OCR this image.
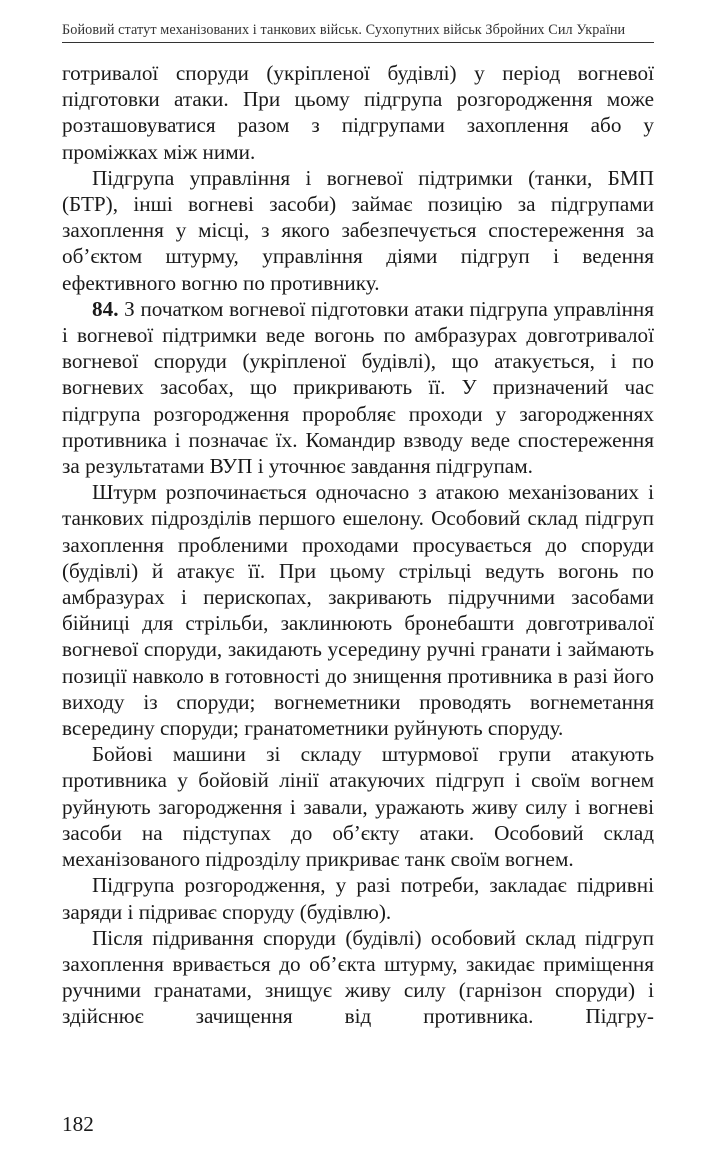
Бойовий статут механізованих і танкових військ. Сухопутних військ Збройних Сил України

готривалої споруди (укріпленої будівлі) у період вогневої підготовки атаки. При цьому підгрупа розгородження може розташовуватися разом з підгрупами захоплення або у проміжках між ними.

Підгрупа управління і вогневої підтримки (танки, БМП (БТР), інші вогневі засоби) займає позицію за підгрупами захоплення у місці, з якого забезпечується спостереження за об’єктом штурму, управління діями підгруп і ведення ефективного вогню по противнику.

84. З початком вогневої підготовки атаки підгрупа управління і вогневої підтримки веде вогонь по амбразурах довготривалої вогневої споруди (укріпленої будівлі), що атакується, і по вогневих засобах, що прикривають її. У призначений час підгрупа розгородження проробляє проходи у загородженнях противника і позначає їх. Командир взводу веде спостереження за результатами ВУП і уточнює завдання підгрупам.

Штурм розпочинається одночасно з атакою механізованих і танкових підрозділів першого ешелону. Особовий склад підгруп захоплення пробленими проходами просувається до споруди (будівлі) й атакує її. При цьому стрільці ведуть вогонь по амбразурах і перископах, закривають підручними засобами бійниці для стрільби, заклинюють бронебашти довготривалої вогневої споруди, закидають усередину ручні гранати і займають позиції навколо в готовності до знищення противника в разі його виходу із споруди; вогнеметники проводять вогнеметання всередину споруди; гранатометники руйнують споруду.

Бойові машини зі складу штурмової групи атакують противника у бойовій лінії атакуючих підгруп і своїм вогнем руйнують загородження і завали, уражають живу силу і вогневі засоби на підступах до об’єкту атаки. Особовий склад механізованого підрозділу прикриває танк своїм вогнем.

Підгрупа розгородження, у разі потреби, закладає підривні заряди і підриває споруду (будівлю).

Після підривання споруди (будівлі) особовий склад підгруп захоплення вривається до об’єкта штурму, закидає приміщення ручними гранатами, знищує живу силу (гарнізон споруди) і здійснює зачищення від противника. Підгру-

182
